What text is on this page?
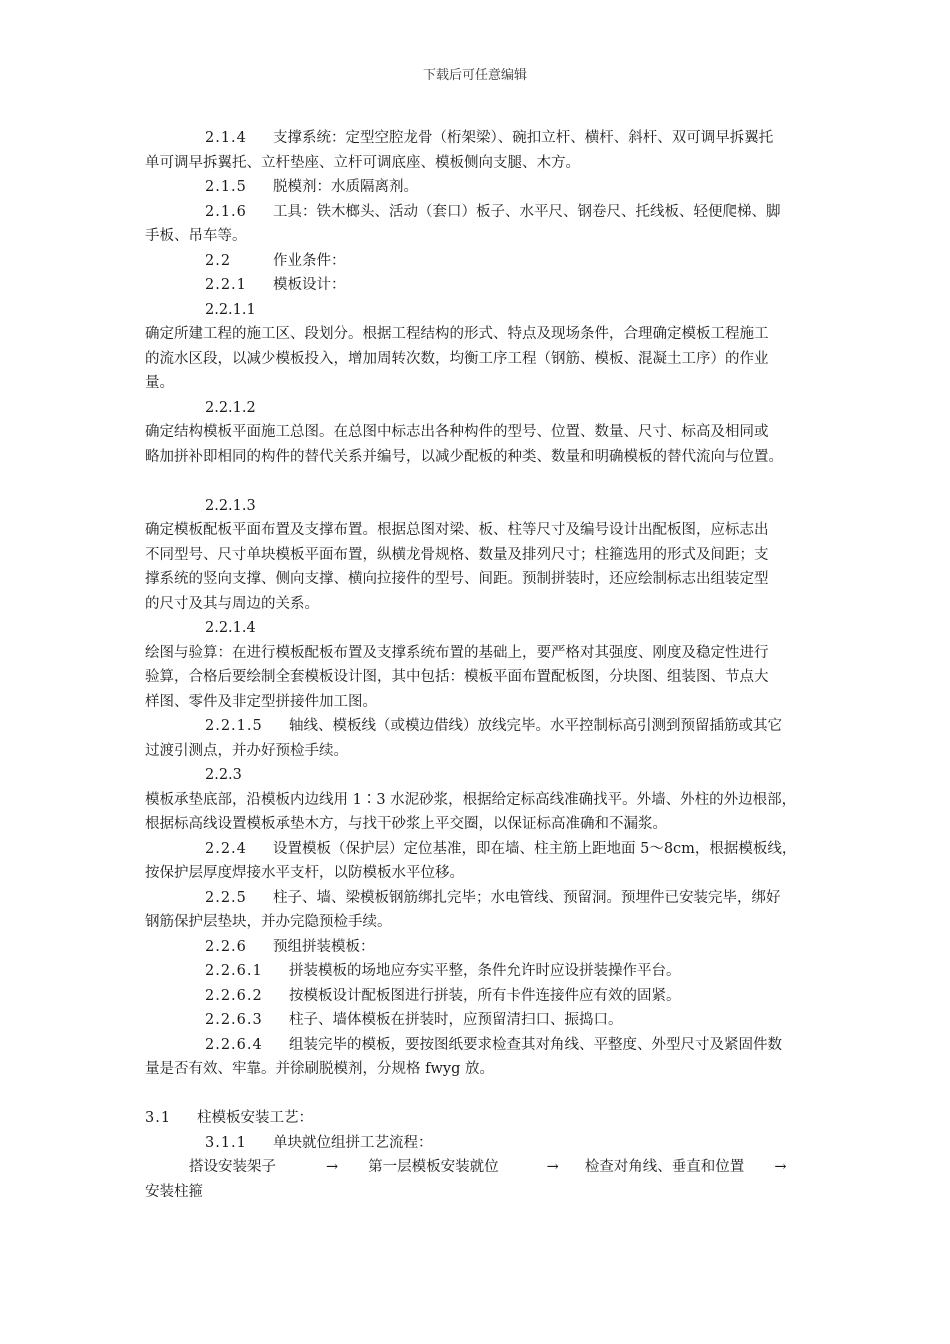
下载后可任意编辑

2.1.4 支撑系统：定型空腔龙骨（桁架梁）、碗扣立杆、横杆、斜杆、双可调早拆翼托

单可调早拆翼托、立杆垫座、立杆可调底座、模板侧向支腿、木方。

2.1.5 脱模剂：水质隔离剂。

2.1.6 工具：铁木榔头、活动（套口）板子、水平尺、钢卷尺、托线板、轻便爬梯、脚

手板、吊车等。

2.2	作业条件：

2.2.1 模板设计：

2.2.1.1

确定所建工程的施工区、段划分。根据工程结构的形式、特点及现场条件，合理确定模板工程施工

的流水区段，以减少模板投入，增加周转次数，均衡工序工程（钢筋、模板、混凝土工序）的作业

量。

2.2.1.2

确定结构模板平面施工总图。在总图中标志出各种构件的型号、位置、数量、尺寸、标高及相同或

略加拼补即相同的构件的替代关系并编号，以减少配板的种类、数量和明确模板的替代流向与位置。

2.2.1.3

确定模板配板平面布置及支撑布置。根据总图对梁、板、柱等尺寸及编号设计出配板图，应标志出

不同型号、尺寸单块模板平面布置，纵横龙骨规格、数量及排列尺寸；柱箍选用的形式及间距；支

撑系统的竖向支撑、侧向支撑、横向拉接件的型号、间距。预制拼装时，还应绘制标志出组装定型

的尺寸及其与周边的关系。

2.2.1.4

绘图与验算：在进行模板配板布置及支撑系统布置的基础上，要严格对其强度、刚度及稳定性进行

验算，合格后要绘制全套模板设计图，其中包括：模板平面布置配板图，分块图、组装图、节点大

样图、零件及非定型拼接件加工图。

2.2.1.5 轴线、模板线（或模边借线）放线完毕。水平控制标高引测到预留插筋或其它

过渡引测点，并办好预检手续。

2.2.3

模板承垫底部，沿模板内边线用 1∶3 水泥砂浆，根据给定标高线准确找平。外墙、外柱的外边根部，

根据标高线设置模板承垫木方，与找干砂浆上平交圈，以保证标高准确和不漏浆。

2.2.4 设置模板（保护层）定位基准，即在墙、柱主筋上距地面 5～8cm，根据模板线，

按保护层厚度焊接水平支杆，以防模板水平位移。

2.2.5 柱子、墙、梁模板钢筋绑扎完毕；水电管线、预留洞。预埋件已安装完毕，绑好

钢筋保护层垫块，并办完隐预检手续。

2.2.6 预组拼装模板：

2.2.6.1 拼装模板的场地应夯实平整，条件允许时应设拼装操作平台。

2.2.6.2 按模板设计配板图进行拼装，所有卡件连接件应有效的固紧。

2.2.6.3 柱子、墙体模板在拼装时，应预留清扫口、振捣口。

2.2.6.4 组装完毕的模板，要按图纸要求检查其对角线、平整度、外型尺寸及紧固件数

量是否有效、牢靠。并徐刷脱模剂，分规格 fwyg 放。

3.1 柱模板安装工艺：

3.1.1 单块就位组拼工艺流程：

搭设安装架子	→ 第一层模板安装就位	→ 检查对角线、垂直和位置 →

安装柱箍
